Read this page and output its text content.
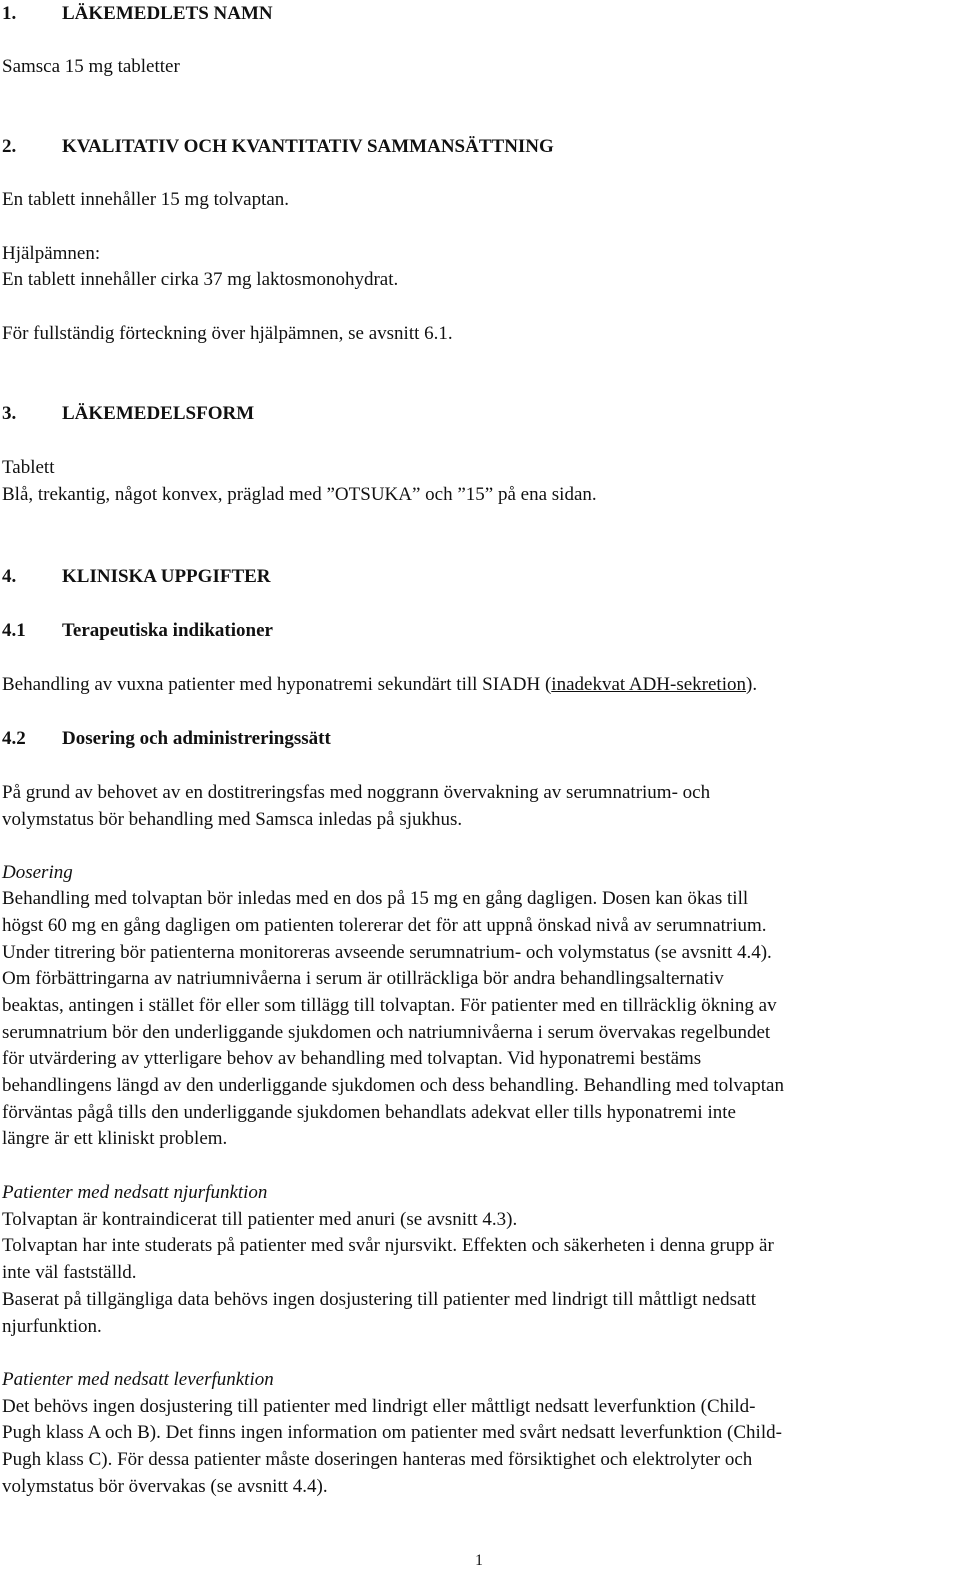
1. LÄKEMEDLETS NAMN
Samsca 15 mg tabletter
2. KVALITATIV OCH KVANTITATIV SAMMANSÄTTNING
En tablett innehåller 15 mg tolvaptan.
Hjälpämnen:
En tablett innehåller cirka 37 mg laktosmonohydrat.
För fullständig förteckning över hjälpämnen, se avsnitt 6.1.
3. LÄKEMEDELSFORM
Tablett
Blå, trekantig, något konvex, präglad med ”OTSUKA” och ”15” på ena sidan.
4. KLINISKA UPPGIFTER
4.1 Terapeutiska indikationer
Behandling av vuxna patienter med hyponatremi sekundärt till SIADH (inadekvat ADH-sekretion).
4.2 Dosering och administreringssätt
På grund av behovet av en dostitreringsfas med noggrann övervakning av serumnatrium- och
volymstatus bör behandling med Samsca inledas på sjukhus.
Dosering
Behandling med tolvaptan bör inledas med en dos på 15 mg en gång dagligen. Dosen kan ökas till
högst 60 mg en gång dagligen om patienten tolererar det för att uppnå önskad nivå av serumnatrium.
Under titrering bör patienterna monitoreras avseende serumnatrium- och volymstatus (se avsnitt 4.4).
Om förbättringarna av natriumnivåerna i serum är otillräckliga bör andra behandlingsalternativ
beaktas, antingen i stället för eller som tillägg till tolvaptan. För patienter med en tillräcklig ökning av
serumnatrium bör den underliggande sjukdomen och natriumnivåerna i serum övervakas regelbundet
för utvärdering av ytterligare behov av behandling med tolvaptan. Vid hyponatremi bestäms
behandlingens längd av den underliggande sjukdomen och dess behandling. Behandling med tolvaptan
förväntas pågå tills den underliggande sjukdomen behandlats adekvat eller tills hyponatremi inte
längre är ett kliniskt problem.
Patienter med nedsatt njurfunktion
Tolvaptan är kontraindicerat till patienter med anuri (se avsnitt 4.3).
Tolvaptan har inte studerats på patienter med svår njursvikt. Effekten och säkerheten i denna grupp är
inte väl fastställd.
Baserat på tillgängliga data behövs ingen dosjustering till patienter med lindrigt till måttligt nedsatt
njurfunktion.
Patienter med nedsatt leverfunktion
Det behövs ingen dosjustering till patienter med lindrigt eller måttligt nedsatt leverfunktion (Child-
Pugh klass A och B). Det finns ingen information om patienter med svårt nedsatt leverfunktion (Child-
Pugh klass C). För dessa patienter måste doseringen hanteras med försiktighet och elektrolyter och
volymstatus bör övervakas (se avsnitt 4.4).
1
